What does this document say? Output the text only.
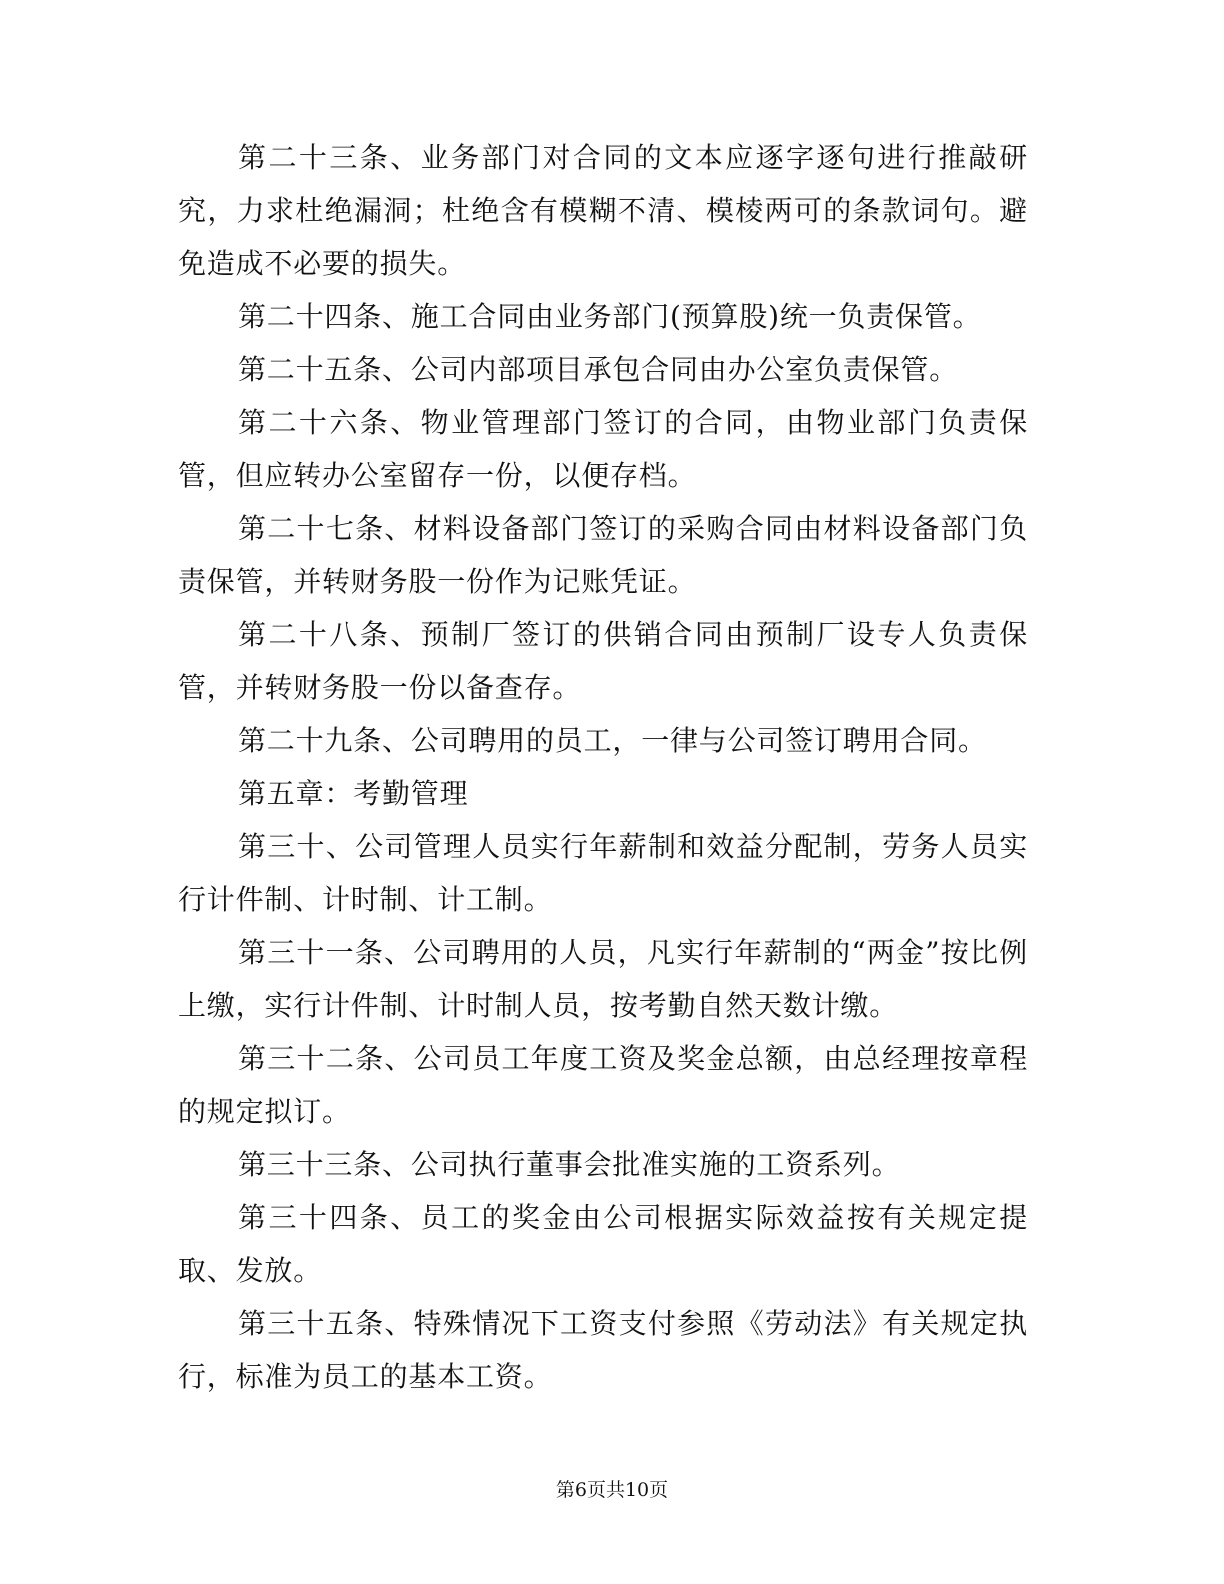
第二十三条、业务部门对合同的文本应逐字逐句进行推敲研究，力求杜绝漏洞；杜绝含有模糊不清、模棱两可的条款词句。避免造成不必要的损失。

第二十四条、施工合同由业务部门(预算股)统一负责保管。

第二十五条、公司内部项目承包合同由办公室负责保管。

第二十六条、物业管理部门签订的合同，由物业部门负责保管，但应转办公室留存一份，以便存档。

第二十七条、材料设备部门签订的采购合同由材料设备部门负责保管，并转财务股一份作为记账凭证。

第二十八条、预制厂签订的供销合同由预制厂设专人负责保管，并转财务股一份以备查存。

第二十九条、公司聘用的员工，一律与公司签订聘用合同。

第五章：考勤管理

第三十、公司管理人员实行年薪制和效益分配制，劳务人员实行计件制、计时制、计工制。

第三十一条、公司聘用的人员，凡实行年薪制的“两金”按比例上缴，实行计件制、计时制人员，按考勤自然天数计缴。

第三十二条、公司员工年度工资及奖金总额，由总经理按章程的规定拟订。

第三十三条、公司执行董事会批准实施的工资系列。

第三十四条、员工的奖金由公司根据实际效益按有关规定提取、发放。

第三十五条、特殊情况下工资支付参照《劳动法》有关规定执行，标准为员工的基本工资。

第6页共10页
